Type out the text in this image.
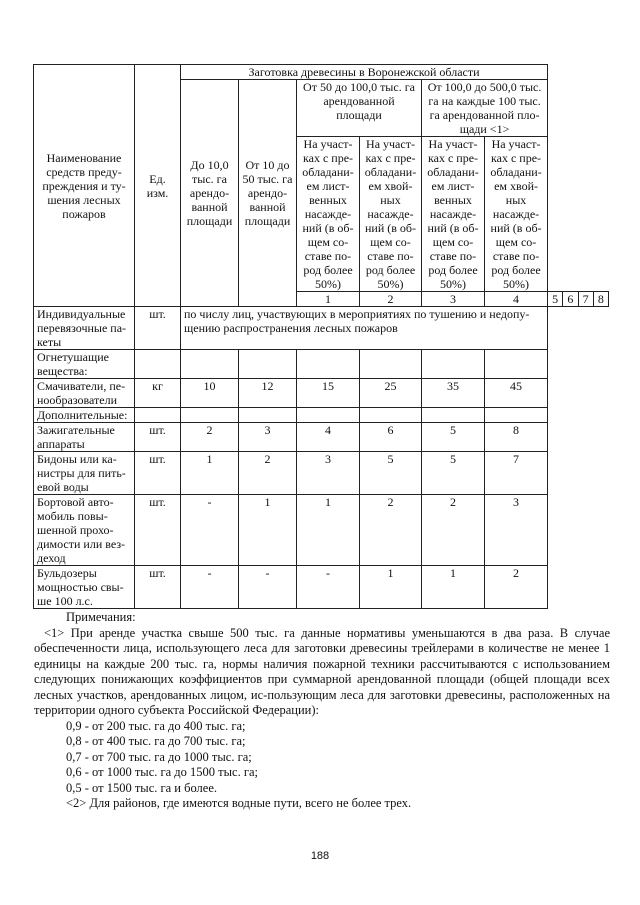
Наименование средств преду-преждения и ту-шения лесных пожаров	Ед. изм.	Заготовка древесины в Воронежской области									
		До 10,0 тыс. га арендо-ванной площади	От 10 до 50 тыс. га арендо-ванной площади	От 50 до 100,0 тыс. га арендованной площади		От 100,0 до 500,0 тыс. га на каждые 100 тыс. га арендованной пло-щади <1>					
				На участ-ках с пре-обладани-ем лист-венных насажде-ний (в об-щем со-ставе по-род более 50%)	На участ-ках с пре-обладани-ем хвой-ных насажде-ний (в об-щем со-ставе по-род более 50%)	На участ-ках с пре-обладани-ем лист-венных насажде-ний (в об-щем со-ставе по-род более 50%)	На участ-ках с пре-обладани-ем хвой-ных насажде-ний (в об-щем со-ставе по-род более 50%)				
				1	2	3	4	5	6	7	8
Индивидуальные перевязочные па-кеты	шт.	по числу лиц, участвующих в мероприятиях по тушению и недопу-щению распространения лесных пожаров									
Огнетушащие вещества:											
Смачиватели, пе-нообразователи	кг	10	12	15	25	35	45				
Дополнительные:											
Зажигательные аппараты	шт.	2	3	4	6	5	8				
Бидоны или ка-нистры для пить-евой воды	шт.	1	2	3	5	5	7				
Бортовой авто-мобиль повы-шенной прохо-димости или вез-деход	шт.	-	1	1	2	2	3				
Бульдозеры мощностью свы-ше 100 л.с.	шт.	-	-	-	1	1	2				

Примечания:

<1> При аренде участка свыше 500 тыс. га данные нормативы уменьшаются в два раза. В случае обеспеченности лица, использующего леса для заготовки древесины трейлерами в количестве не менее 1 единицы на каждые 200 тыс. га, нормы наличия пожарной техники рассчитываются с использованием следующих понижающих коэффициентов при суммарной арендованной площади (общей площади всех лесных участков, арендованных лицом, ис-пользующим леса для заготовки древесины, расположенных на территории одного субъекта Российской Федерации):

0,9 - от 200 тыс. га до 400 тыс. га;

0,8 - от 400 тыс. га до 700 тыс. га;

0,7 - от 700 тыс. га до 1000 тыс. га;

0,6 - от 1000 тыс. га до 1500 тыс. га;

0,5 - от 1500 тыс. га и более.

<2> Для районов, где имеются водные пути, всего не более трех.

188
